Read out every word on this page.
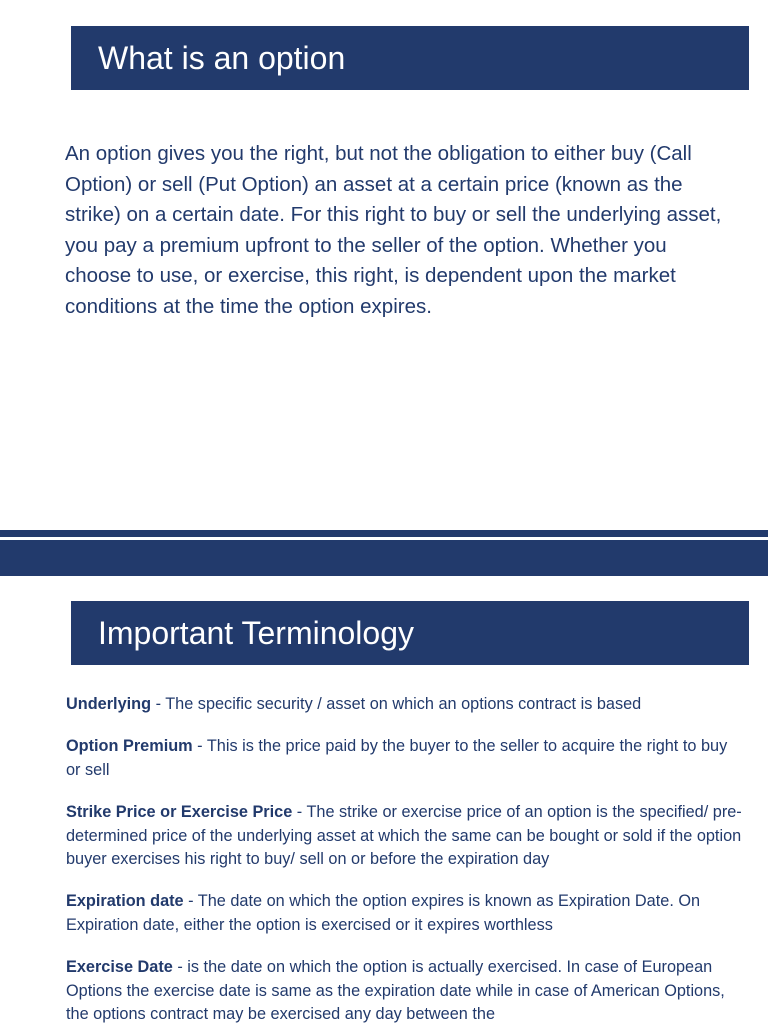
What is an option

An option gives you the right, but not the obligation to either buy (Call Option) or sell (Put Option) an asset at a certain price (known as the strike) on a certain date. For this right to buy or sell the underlying asset, you pay a premium upfront to the seller of the option. Whether you choose to use, or exercise, this right, is dependent upon the market conditions at the time the option expires.

Important Terminology
Underlying - The specific security / asset on which an options contract is based
Option Premium - This is the price paid by the buyer to the seller to acquire the right to buy or sell
Strike Price or Exercise Price - The strike or exercise price of an option is the specified/ pre-determined price of the underlying asset at which the same can be bought or sold if the option buyer exercises his right to buy/ sell on or before the expiration day
Expiration date - The date on which the option expires is known as Expiration Date. On Expiration date, either the option is exercised or it expires worthless
Exercise Date - is the date on which the option is actually exercised. In case of European Options the exercise date is same as the expiration date while in case of American Options, the options contract may be exercised any day between the
